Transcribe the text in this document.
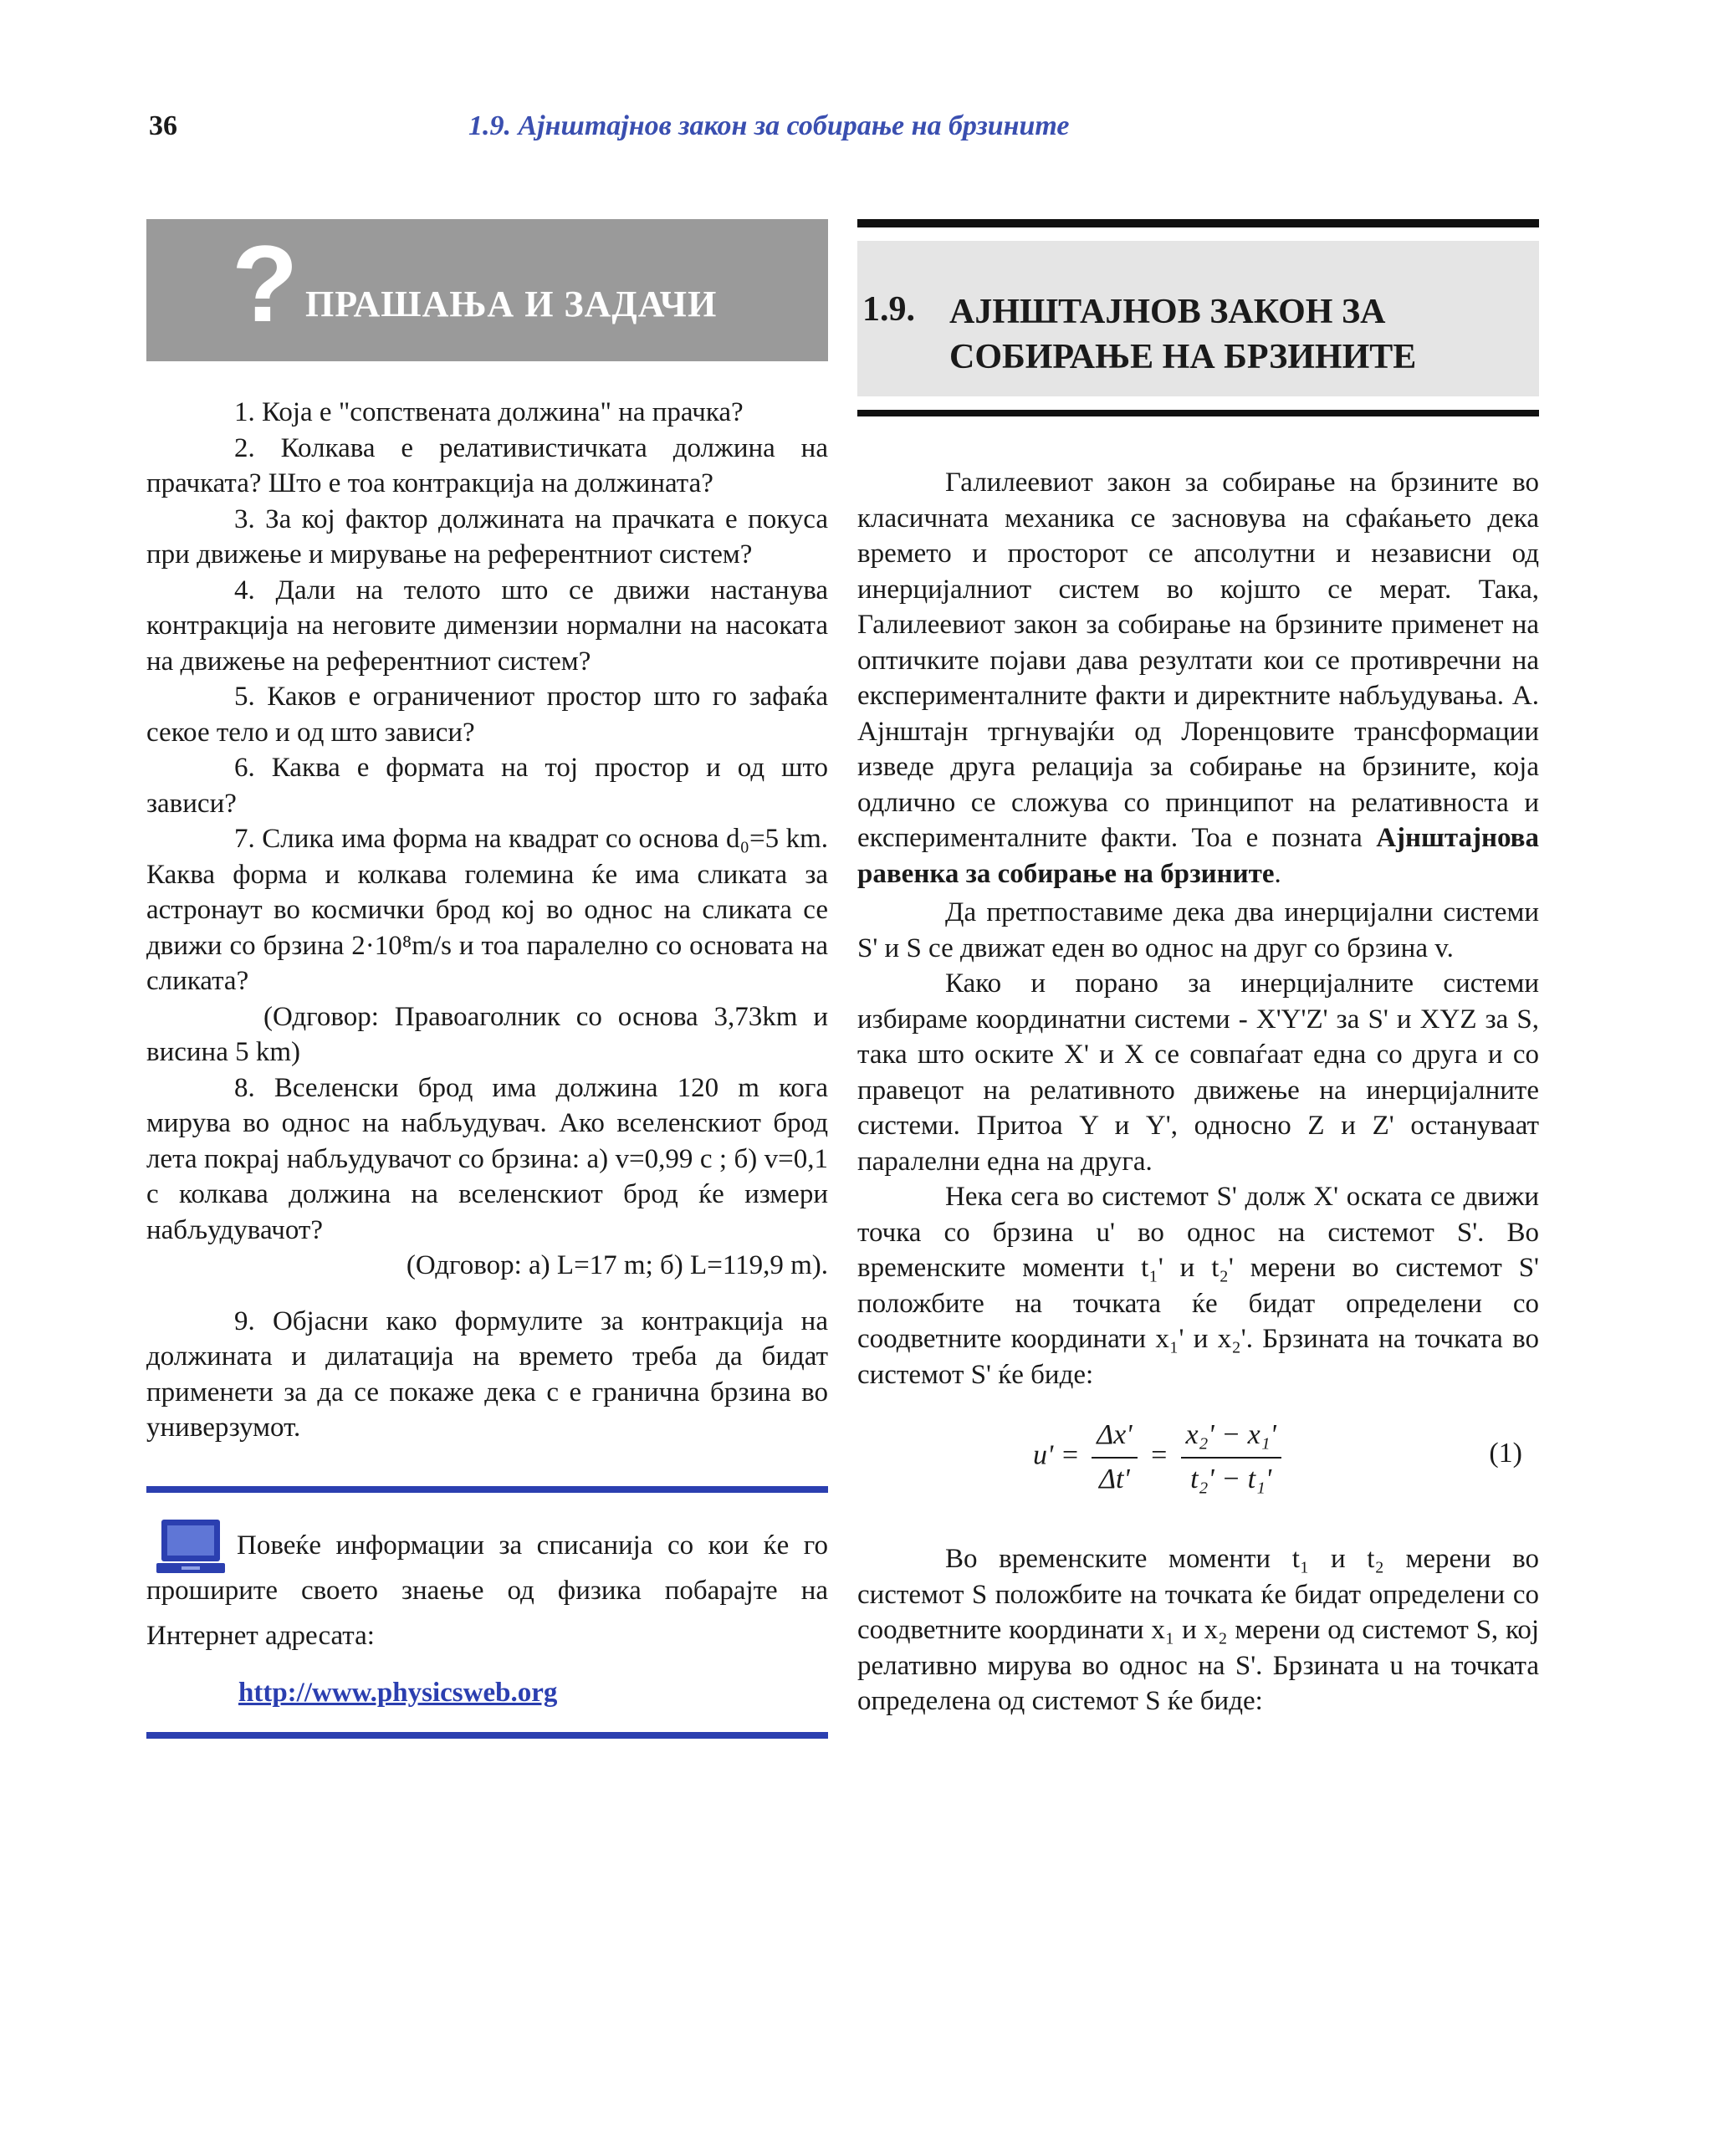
36	1.9. Ајнштајнов закон за собирање на брзините
? ПРАШАЊА И ЗАДАЧИ

1. Која е "сопствената должина" на прачка?

2. Колкава е релативистичката должина на прачката? Што е тоа контракција на должината?

3. За кој фактор должината на прачката е покуса при движење и мирување на референтниот систем?

4. Дали на телото што се движи настанува контракција на неговите димензии нормални на насоката на движење на референтниот систем?

5. Каков е ограничениот простор што го зафаќа секое тело и од што зависи?

6. Каква е формата на тој простор и од што зависи?

7. Слика има форма на квадрат со основа d₀=5 km. Каква форма и колкава големина ќе има сликата за астронаут во космички брод кој во однос на сликата се движи со брзина 2·10⁸m/s и тоа паралелно со основата на сликата?

(Одговор: Правоаголник со основа 3,73km и висина 5 km)

8. Вселенски брод има должина 120 m кога мирува во однос на набљудувач. Ако вселенскиот брод лета покрај набљудувачот со брзина: а) v=0,99 c ; б) v=0,1 c колкава должина на вселенскиот брод ќе измери набљудувачот?

(Одговор: а) L=17 m; б) L=119,9 m).

9. Објасни како формулите за контракција на должината и дилатација на времето треба да бидат применети за да се покаже дека c е гранична брзина во универзумот.

Повеќе информации за списанија со кои ќе го проширите своето знаење од физика побарајте на Интернет адресата:
http://www.physicsweb.org
1.9. АЈНШТАЈНОВ ЗАКОН ЗА СОБИРАЊЕ НА БРЗИНИТЕ

Галилеевиот закон за собирање на брзините во класичната механика се засновува на сфаќањето дека времето и просторот се апсолутни и независни од инерцијалниот систем во којшто се мерат. Така, Галилеевиот закон за собирање на брзините применет на оптичките појави дава резултати кои се противречни на експерименталните факти и директните набљудувања. А. Ајнштајн тргнувајќи од Лоренцовите трансформации изведе друга релација за собирање на брзините, која одлично се сложува со принципот на релативноста и експерименталните факти. Тоа е позната Ајнштајнова равенка за собирање на брзините.

Да претпоставиме дека два инерцијални системи S' и S се движат еден во однос на друг со брзина v.

Како и порано за инерцијалните системи избираме координатни системи - X'Y'Z' за S' и XYZ за S, така што оските X' и X се совпаѓаат една со друга и со правецот на релативното движење на инерцијалните системи. Притоа Y и Y', односно Z и Z' остануваат паралелни една на друга.

Нека сега во системот S' долж X' оската се движи точка со брзина u' во однос на системот S'. Во временските моменти t₁' и t₂' мерени во системот S' положбите на точката ќе бидат определени со соодветните координати x₁' и x₂'. Брзината на точката во системот S' ќе биде:

$u' = \frac{\Delta x'}{\Delta t'} = \frac{\text{x₂' − x₁'}}{\text{t₂' − t₁'}}$	(1)

Во временските моменти t₁ и t₂ мерени во системот S положбите на точката ќе бидат определени со соодветните координати x₁ и x₂ мерени од системот S, кој релативно мирува во однос на S'. Брзината u на точката определена од системот S ќе биде:
